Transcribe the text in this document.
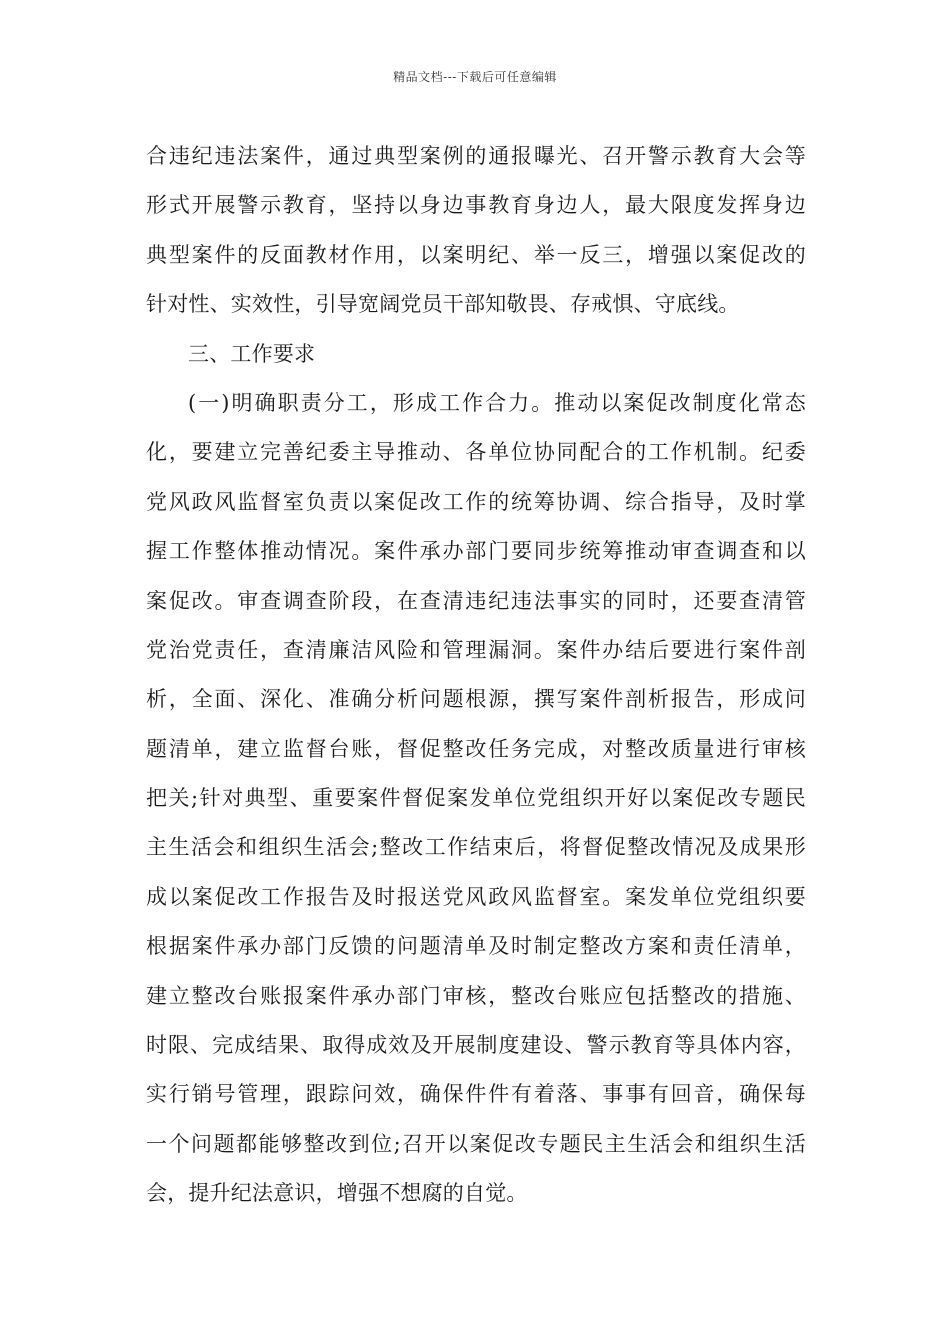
精品文档---下载后可任意编辑
合违纪违法案件，通过典型案例的通报曝光、召开警示教育大会等
形式开展警示教育，坚持以身边事教育身边人，最大限度发挥身边
典型案件的反面教材作用，以案明纪、举一反三，增强以案促改的
针对性、实效性，引导宽阔党员干部知敬畏、存戒惧、守底线。
三、工作要求
(一)明确职责分工，形成工作合力。推动以案促改制度化常态
化，要建立完善纪委主导推动、各单位协同配合的工作机制。纪委
党风政风监督室负责以案促改工作的统筹协调、综合指导，及时掌
握工作整体推动情况。案件承办部门要同步统筹推动审查调查和以
案促改。审查调查阶段，在查清违纪违法事实的同时，还要查清管
党治党责任，查清廉洁风险和管理漏洞。案件办结后要进行案件剖
析，全面、深化、准确分析问题根源，撰写案件剖析报告，形成问
题清单，建立监督台账，督促整改任务完成，对整改质量进行审核
把关;针对典型、重要案件督促案发单位党组织开好以案促改专题民
主生活会和组织生活会;整改工作结束后，将督促整改情况及成果形
成以案促改工作报告及时报送党风政风监督室。案发单位党组织要
根据案件承办部门反馈的问题清单及时制定整改方案和责任清单，
建立整改台账报案件承办部门审核，整改台账应包括整改的措施、
时限、完成结果、取得成效及开展制度建设、警示教育等具体内容，
实行销号管理，跟踪问效，确保件件有着落、事事有回音，确保每
一个问题都能够整改到位;召开以案促改专题民主生活会和组织生活
会，提升纪法意识，增强不想腐的自觉。
